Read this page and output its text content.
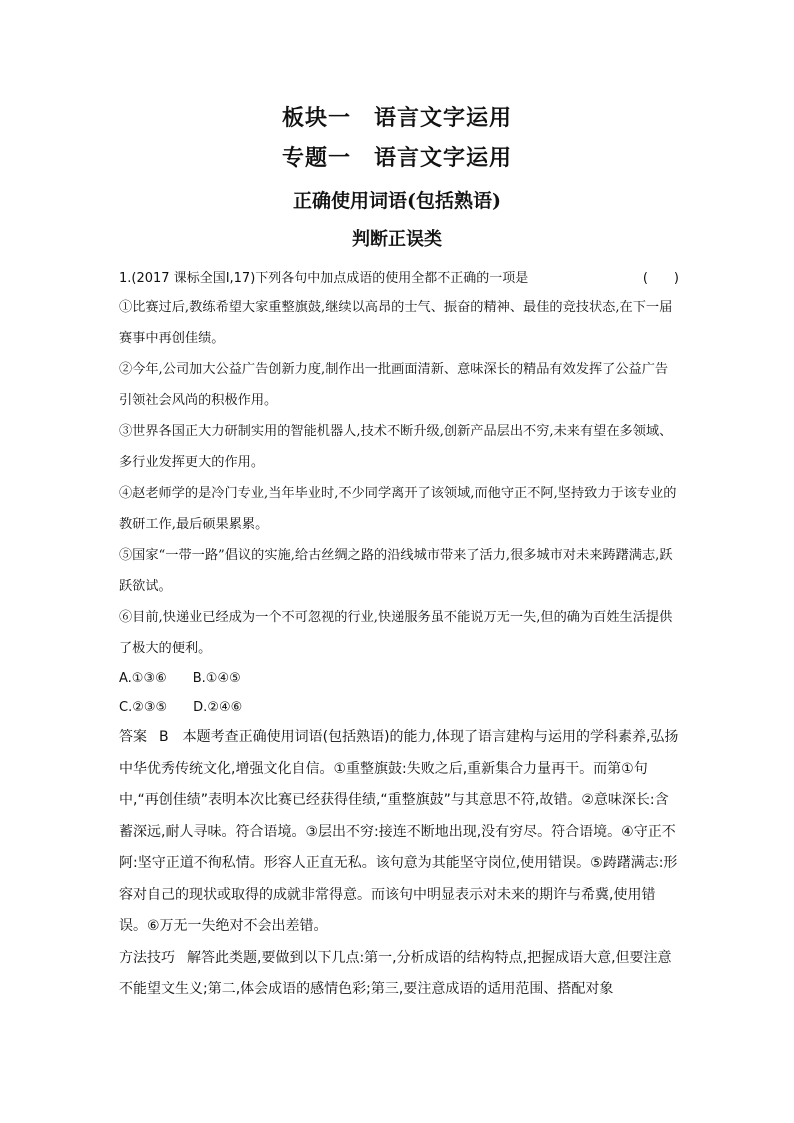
板块一　语言文字运用
专题一　语言文字运用
正确使用词语(包括熟语)
判断正误类
1.(2017 课标全国Ⅰ,17)下列各句中加点成语的使用全都不正确的一项是	(　　)

①比赛过后,教练希望大家重整旗鼓,继续以高昂的士气、振奋的精神、最佳的竞技状态,在下一届赛事中再创佳绩。

②今年,公司加大公益广告创新力度,制作出一批画面清新、意味深长的精品有效发挥了公益广告引领社会风尚的积极作用。

③世界各国正大力研制实用的智能机器人,技术不断升级,创新产品层出不穷,未来有望在多领域、多行业发挥更大的作用。

④赵老师学的是冷门专业,当年毕业时,不少同学离开了该领域,而他守正不阿,坚持致力于该专业的教研工作,最后硕果累累。

⑤国家“一带一路”倡议的实施,给古丝绸之路的沿线城市带来了活力,很多城市对未来踌躇满志,跃跃欲试。

⑥目前,快递业已经成为一个不可忽视的行业,快递服务虽不能说万无一失,但的确为百姓生活提供了极大的便利。

A.①③⑥　　B.①④⑤
C.②③⑤　　D.②④⑥

答案 B　本题考查正确使用词语(包括熟语)的能力,体现了语言建构与运用的学科素养,弘扬中华优秀传统文化,增强文化自信。①重整旗鼓:失败之后,重新集合力量再干。而第①句中,“再创佳绩”表明本次比赛已经获得佳绩,“重整旗鼓”与其意思不符,故错。②意味深长:含蓄深远,耐人寻味。符合语境。③层出不穷:接连不断地出现,没有穷尽。符合语境。④守正不阿:坚守正道不徇私情。形容人正直无私。该句意为其能坚守岗位,使用错误。⑤踌躇满志:形容对自己的现状或取得的成就非常得意。而该句中明显表示对未来的期许与希冀,使用错误。⑥万无一失绝对不会出差错。

方法技巧 解答此类题,要做到以下几点:第一,分析成语的结构特点,把握成语大意,但要注意不能望文生义;第二,体会成语的感情色彩;第三,要注意成语的适用范围、搭配对象
